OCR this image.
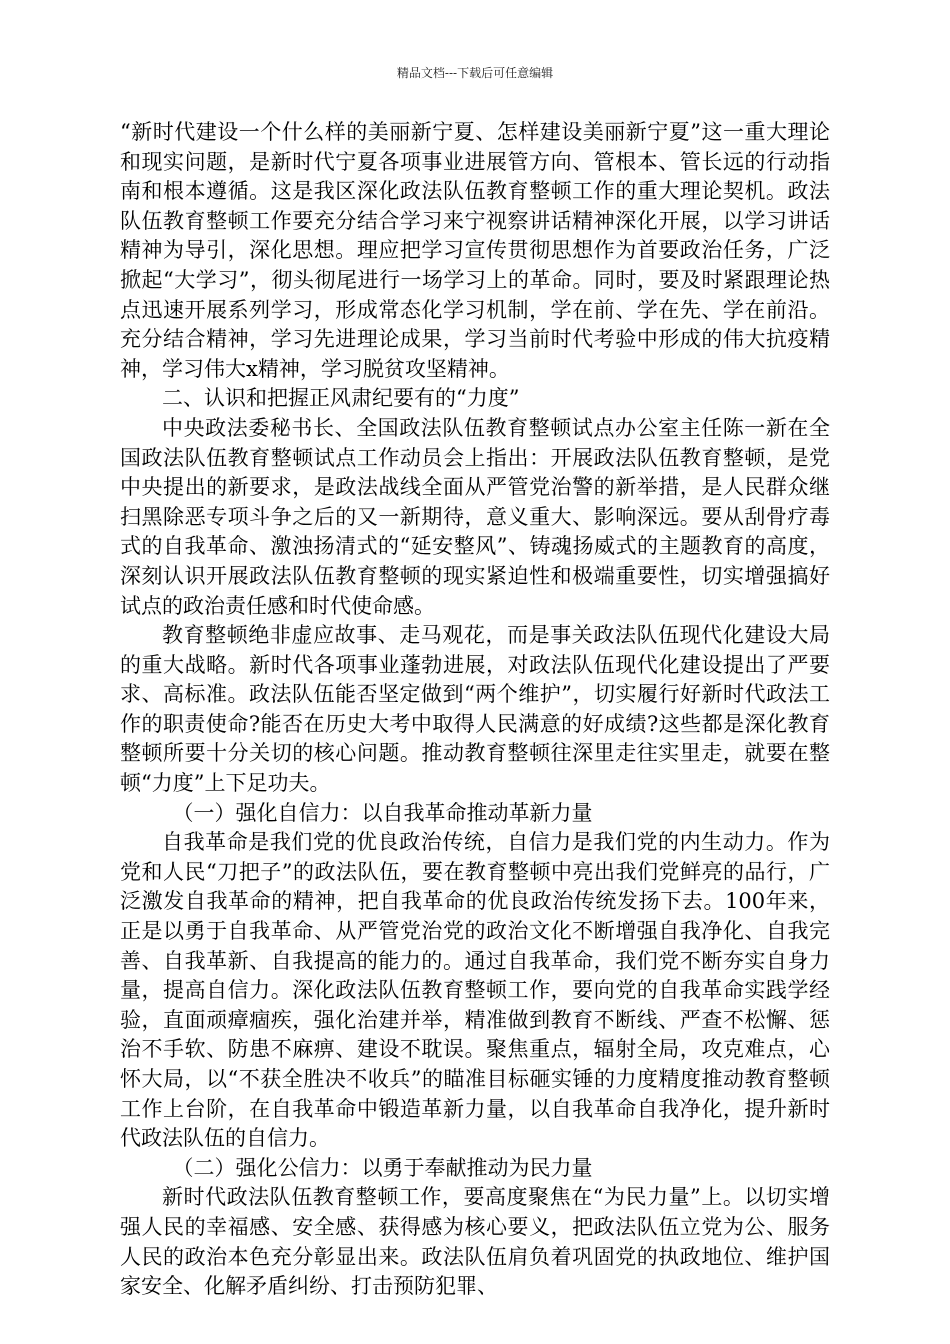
精品文档---下载后可任意编辑

“新时代建设一个什么样的美丽新宁夏、怎样建设美丽新宁夏”这一重大理论和现实问题，是新时代宁夏各项事业进展管方向、管根本、管长远的行动指南和根本遵循。这是我区深化政法队伍教育整顿工作的重大理论契机。政法队伍教育整顿工作要充分结合学习来宁视察讲话精神深化开展，以学习讲话精神为导引，深化思想。理应把学习宣传贯彻思想作为首要政治任务，广泛掀起“大学习”，彻头彻尾进行一场学习上的革命。同时，要及时紧跟理论热点迅速开展系列学习，形成常态化学习机制，学在前、学在先、学在前沿。充分结合精神，学习先进理论成果，学习当前时代考验中形成的伟大抗疫精神，学习伟大x精神，学习脱贫攻坚精神。

二、认识和把握正风肃纪要有的“力度”

中央政法委秘书长、全国政法队伍教育整顿试点办公室主任陈一新在全国政法队伍教育整顿试点工作动员会上指出：开展政法队伍教育整顿，是党中央提出的新要求，是政法战线全面从严管党治警的新举措，是人民群众继扫黑除恶专项斗争之后的又一新期待，意义重大、影响深远。要从刮骨疗毒式的自我革命、激浊扬清式的“延安整风”、铸魂扬威式的主题教育的高度，深刻认识开展政法队伍教育整顿的现实紧迫性和极端重要性，切实增强搞好试点的政治责任感和时代使命感。

教育整顿绝非虚应故事、走马观花，而是事关政法队伍现代化建设大局的重大战略。新时代各项事业蓬勃进展，对政法队伍现代化建设提出了严要求、高标准。政法队伍能否坚定做到“两个维护”，切实履行好新时代政法工作的职责使命?能否在历史大考中取得人民满意的好成绩?这些都是深化教育整顿所要十分关切的核心问题。推动教育整顿往深里走往实里走，就要在整顿“力度”上下足功夫。

（一）强化自信力：以自我革命推动革新力量

自我革命是我们党的优良政治传统，自信力是我们党的内生动力。作为党和人民“刀把子”的政法队伍，要在教育整顿中亮出我们党鲜亮的品行，广泛激发自我革命的精神，把自我革命的优良政治传统发扬下去。100年来，正是以勇于自我革命、从严管党治党的政治文化不断增强自我净化、自我完善、自我革新、自我提高的能力的。通过自我革命，我们党不断夯实自身力量，提高自信力。深化政法队伍教育整顿工作，要向党的自我革命实践学经验，直面顽瘴痼疾，强化治建并举，精准做到教育不断线、严查不松懈、惩治不手软、防患不麻痹、建设不耽误。聚焦重点，辐射全局，攻克难点，心怀大局，以“不获全胜决不收兵”的瞄准目标砸实锤的力度精度推动教育整顿工作上台阶，在自我革命中锻造革新力量，以自我革命自我净化，提升新时代政法队伍的自信力。

（二）强化公信力：以勇于奉献推动为民力量

新时代政法队伍教育整顿工作，要高度聚焦在“为民力量”上。以切实增强人民的幸福感、安全感、获得感为核心要义，把政法队伍立党为公、服务人民的政治本色充分彰显出来。政法队伍肩负着巩固党的执政地位、维护国家安全、化解矛盾纠纷、打击预防犯罪、
